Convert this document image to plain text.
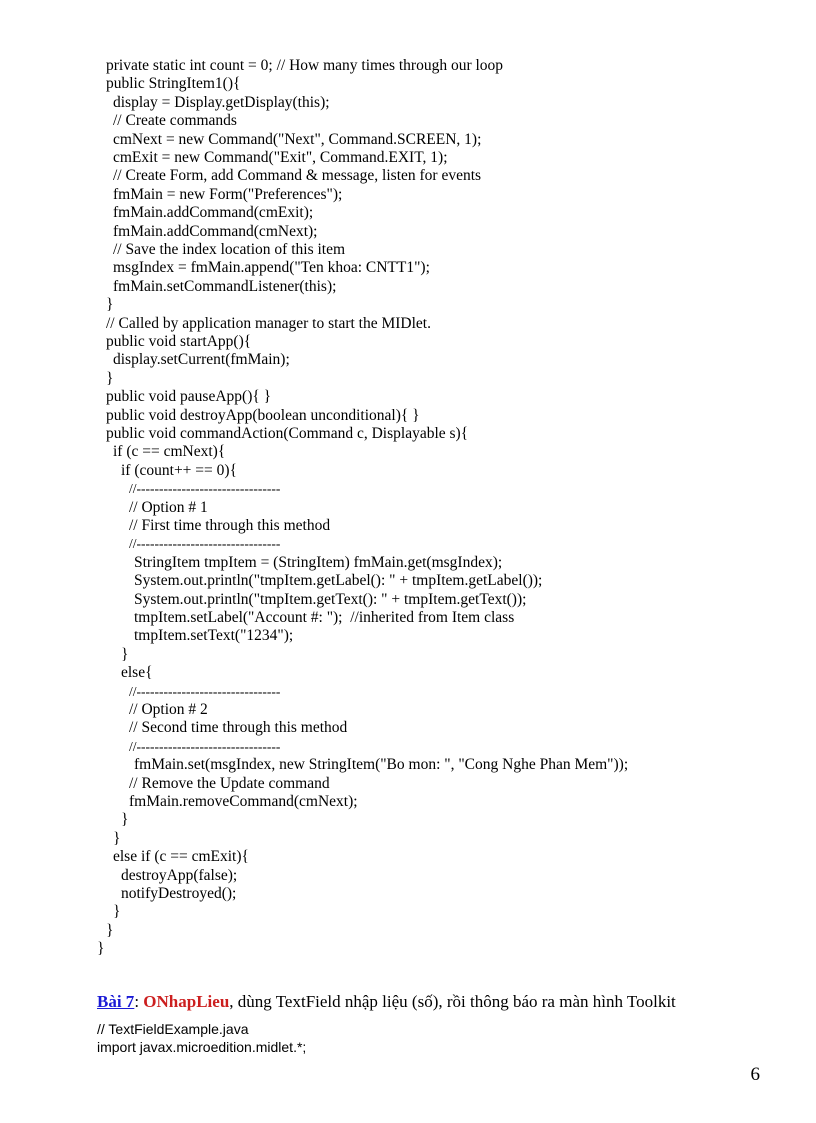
private static int count = 0; // How many times through our loop
public StringItem1(){
display = Display.getDisplay(this);
// Create commands
cmNext = new Command("Next", Command.SCREEN, 1);
cmExit = new Command("Exit", Command.EXIT, 1);
// Create Form, add Command & message, listen for events
fmMain = new Form("Preferences");
fmMain.addCommand(cmExit);
fmMain.addCommand(cmNext);
// Save the index location of this item
msgIndex = fmMain.append("Ten khoa: CNTT1");
fmMain.setCommandListener(this);
}
// Called by application manager to start the MIDlet.
public void startApp(){
display.setCurrent(fmMain);
}
public void pauseApp(){ }
public void destroyApp(boolean unconditional){ }
public void commandAction(Command c, Displayable s){
if (c == cmNext){
if (count++ == 0){
//--------------------------------
// Option # 1
// First time through this method
//--------------------------------
StringItem tmpItem = (StringItem) fmMain.get(msgIndex);
System.out.println("tmpItem.getLabel(): " + tmpItem.getLabel());
System.out.println("tmpItem.getText(): " + tmpItem.getText());
tmpItem.setLabel("Account #: ");  //inherited from Item class
tmpItem.setText("1234");
}
else{
//--------------------------------
// Option # 2
// Second time through this method
//--------------------------------
fmMain.set(msgIndex, new StringItem("Bo mon: ", "Cong Nghe Phan Mem"));
// Remove the Update command
fmMain.removeCommand(cmNext);
}
}
else if (c == cmExit){
destroyApp(false);
notifyDestroyed();
}
}
}
Bài 7: ONhapLieu, dùng TextField nhập liệu (số), rồi thông báo ra màn hình Toolkit
// TextFieldExample.java
import javax.microedition.midlet.*;
6
